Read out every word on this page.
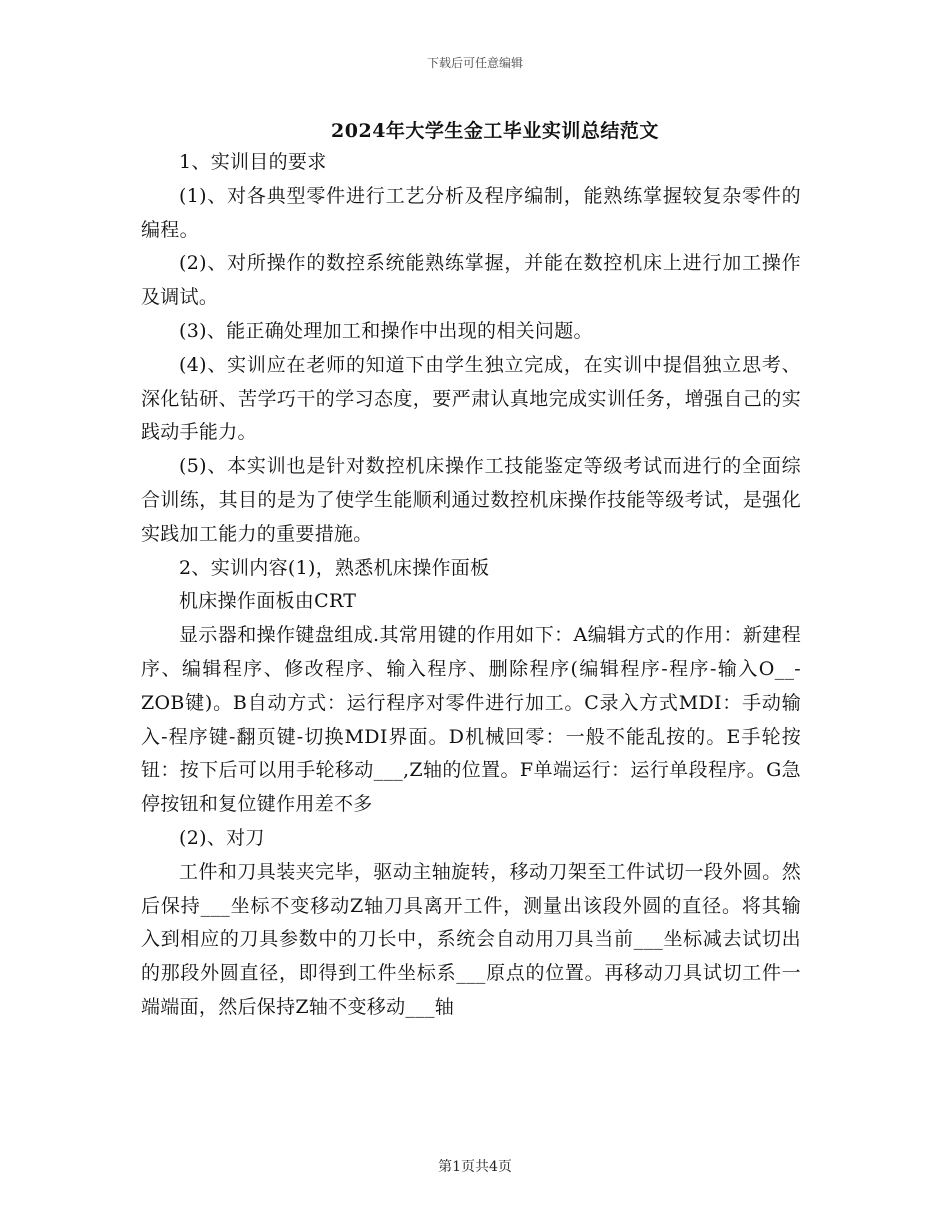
下载后可任意编辑
2024年大学生金工毕业实训总结范文

1、实训目的要求

(1)、对各典型零件进行工艺分析及程序编制，能熟练掌握较复杂零件的编程。

(2)、对所操作的数控系统能熟练掌握，并能在数控机床上进行加工操作及调试。

(3)、能正确处理加工和操作中出现的相关问题。

(4)、实训应在老师的知道下由学生独立完成，在实训中提倡独立思考、深化钻研、苦学巧干的学习态度，要严肃认真地完成实训任务，增强自己的实践动手能力。

(5)、本实训也是针对数控机床操作工技能鉴定等级考试而进行的全面综合训练，其目的是为了使学生能顺利通过数控机床操作技能等级考试，是强化实践加工能力的重要措施。

2、实训内容(1)，熟悉机床操作面板

机床操作面板由CRT

显示器和操作键盘组成.其常用键的作用如下：A编辑方式的作用：新建程序、编辑程序、修改程序、输入程序、删除程序(编辑程序-程序-输入O__-ZOB键)。B自动方式：运行程序对零件进行加工。C录入方式MDI：手动输入-程序键-翻页键-切换MDI界面。D机械回零：一般不能乱按的。E手轮按钮：按下后可以用手轮移动___,Z轴的位置。F单端运行：运行单段程序。G急停按钮和复位键作用差不多

(2)、对刀

工件和刀具装夹完毕，驱动主轴旋转，移动刀架至工件试切一段外圆。然后保持___坐标不变移动Z轴刀具离开工件，测量出该段外圆的直径。将其输入到相应的刀具参数中的刀长中，系统会自动用刀具当前___坐标减去试切出的那段外圆直径，即得到工件坐标系___原点的位置。再移动刀具试切工件一端端面，然后保持Z轴不变移动___轴

第1页共4页
